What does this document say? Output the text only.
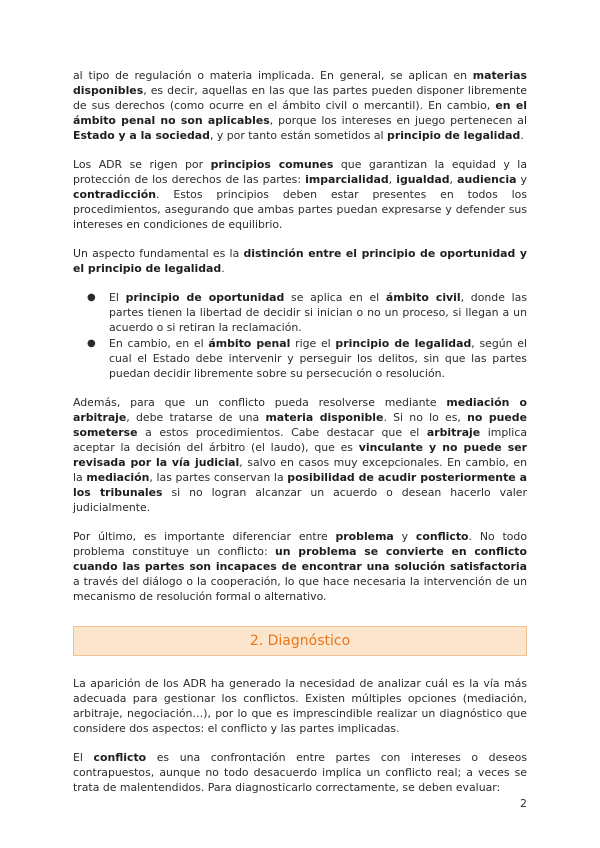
al tipo de regulación o materia implicada. En general, se aplican en materias disponibles, es decir, aquellas en las que las partes pueden disponer libremente de sus derechos (como ocurre en el ámbito civil o mercantil). En cambio, en el ámbito penal no son aplicables, porque los intereses en juego pertenecen al Estado y a la sociedad, y por tanto están sometidos al principio de legalidad.

Los ADR se rigen por principios comunes que garantizan la equidad y la protección de los derechos de las partes: imparcialidad, igualdad, audiencia y contradicción. Estos principios deben estar presentes en todos los procedimientos, asegurando que ambas partes puedan expresarse y defender sus intereses en condiciones de equilibrio.

Un aspecto fundamental es la distinción entre el principio de oportunidad y el principio de legalidad.

● El principio de oportunidad se aplica en el ámbito civil, donde las partes tienen la libertad de decidir si inician o no un proceso, si llegan a un acuerdo o si retiran la reclamación.
● En cambio, en el ámbito penal rige el principio de legalidad, según el cual el Estado debe intervenir y perseguir los delitos, sin que las partes puedan decidir libremente sobre su persecución o resolución.

Además, para que un conflicto pueda resolverse mediante mediación o arbitraje, debe tratarse de una materia disponible. Si no lo es, no puede someterse a estos procedimientos. Cabe destacar que el arbitraje implica aceptar la decisión del árbitro (el laudo), que es vinculante y no puede ser revisada por la vía judicial, salvo en casos muy excepcionales. En cambio, en la mediación, las partes conservan la posibilidad de acudir posteriormente a los tribunales si no logran alcanzar un acuerdo o desean hacerlo valer judicialmente.

Por último, es importante diferenciar entre problema y conflicto. No todo problema constituye un conflicto: un problema se convierte en conflicto cuando las partes son incapaces de encontrar una solución satisfactoria a través del diálogo o la cooperación, lo que hace necesaria la intervención de un mecanismo de resolución formal o alternativo.

2. Diagnóstico

La aparición de los ADR ha generado la necesidad de analizar cuál es la vía más adecuada para gestionar los conflictos. Existen múltiples opciones (mediación, arbitraje, negociación…), por lo que es imprescindible realizar un diagnóstico que considere dos aspectos: el conflicto y las partes implicadas.

El conflicto es una confrontación entre partes con intereses o deseos contrapuestos, aunque no todo desacuerdo implica un conflicto real; a veces se trata de malentendidos. Para diagnosticarlo correctamente, se deben evaluar:

2
